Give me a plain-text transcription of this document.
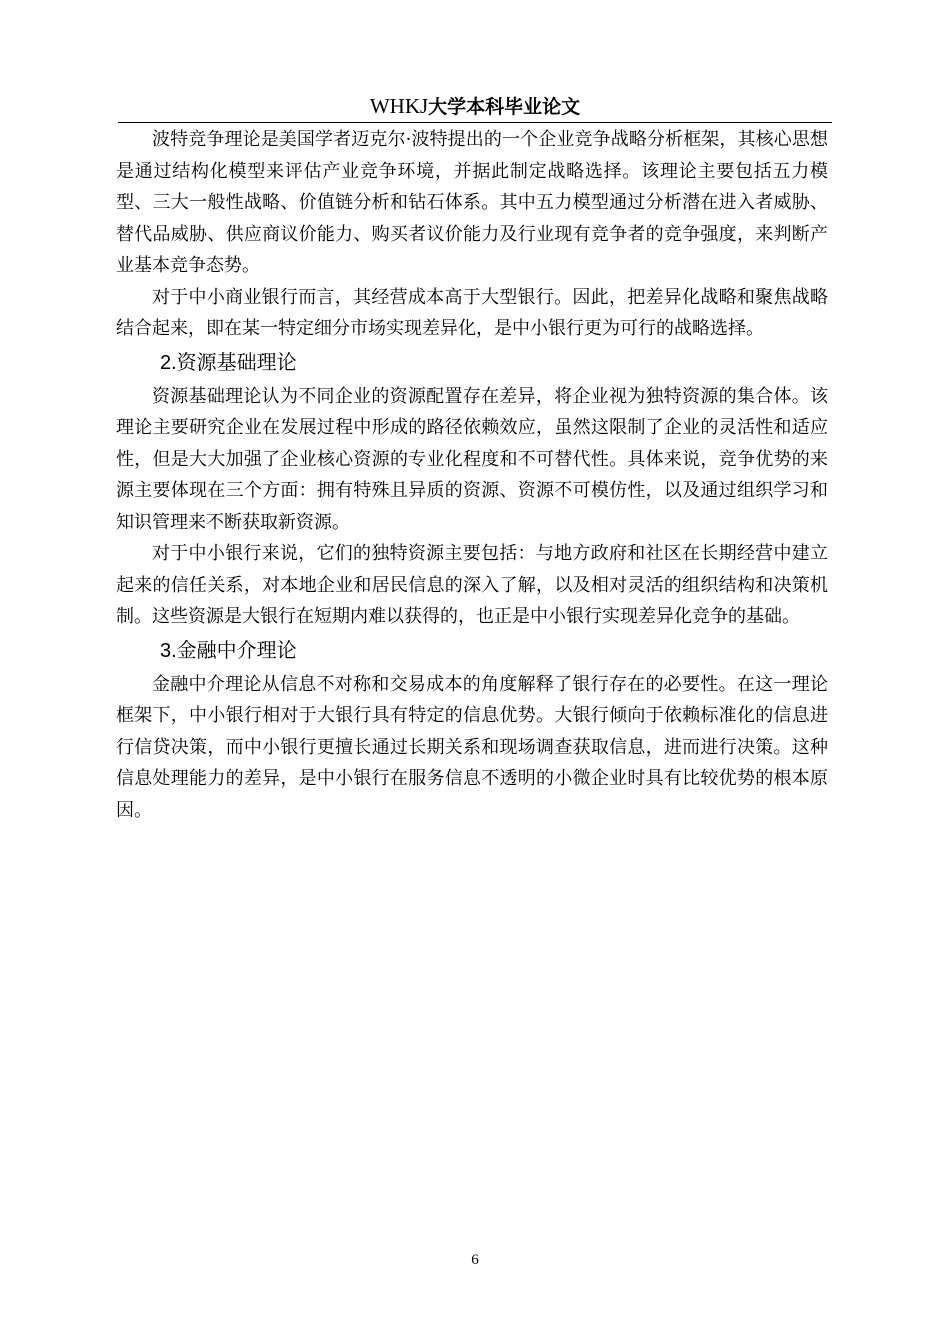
WHKJ大学本科毕业论文

波特竞争理论是美国学者迈克尔·波特提出的一个企业竞争战略分析框架，其核心思想是通过结构化模型来评估产业竞争环境，并据此制定战略选择。该理论主要包括五力模型、三大一般性战略、价值链分析和钻石体系。其中五力模型通过分析潜在进入者威胁、替代品威胁、供应商议价能力、购买者议价能力及行业现有竞争者的竞争强度，来判断产业基本竞争态势。

对于中小商业银行而言，其经营成本高于大型银行。因此，把差异化战略和聚焦战略结合起来，即在某一特定细分市场实现差异化，是中小银行更为可行的战略选择。

2.资源基础理论

资源基础理论认为不同企业的资源配置存在差异，将企业视为独特资源的集合体。该理论主要研究企业在发展过程中形成的路径依赖效应，虽然这限制了企业的灵活性和适应性，但是大大加强了企业核心资源的专业化程度和不可替代性。具体来说，竞争优势的来源主要体现在三个方面：拥有特殊且异质的资源、资源不可模仿性，以及通过组织学习和知识管理来不断获取新资源。

对于中小银行来说，它们的独特资源主要包括：与地方政府和社区在长期经营中建立起来的信任关系，对本地企业和居民信息的深入了解，以及相对灵活的组织结构和决策机制。这些资源是大银行在短期内难以获得的，也正是中小银行实现差异化竞争的基础。

3.金融中介理论

金融中介理论从信息不对称和交易成本的角度解释了银行存在的必要性。在这一理论框架下，中小银行相对于大银行具有特定的信息优势。大银行倾向于依赖标准化的信息进行信贷决策，而中小银行更擅长通过长期关系和现场调查获取信息，进而进行决策。这种信息处理能力的差异，是中小银行在服务信息不透明的小微企业时具有比较优势的根本原因。

6
